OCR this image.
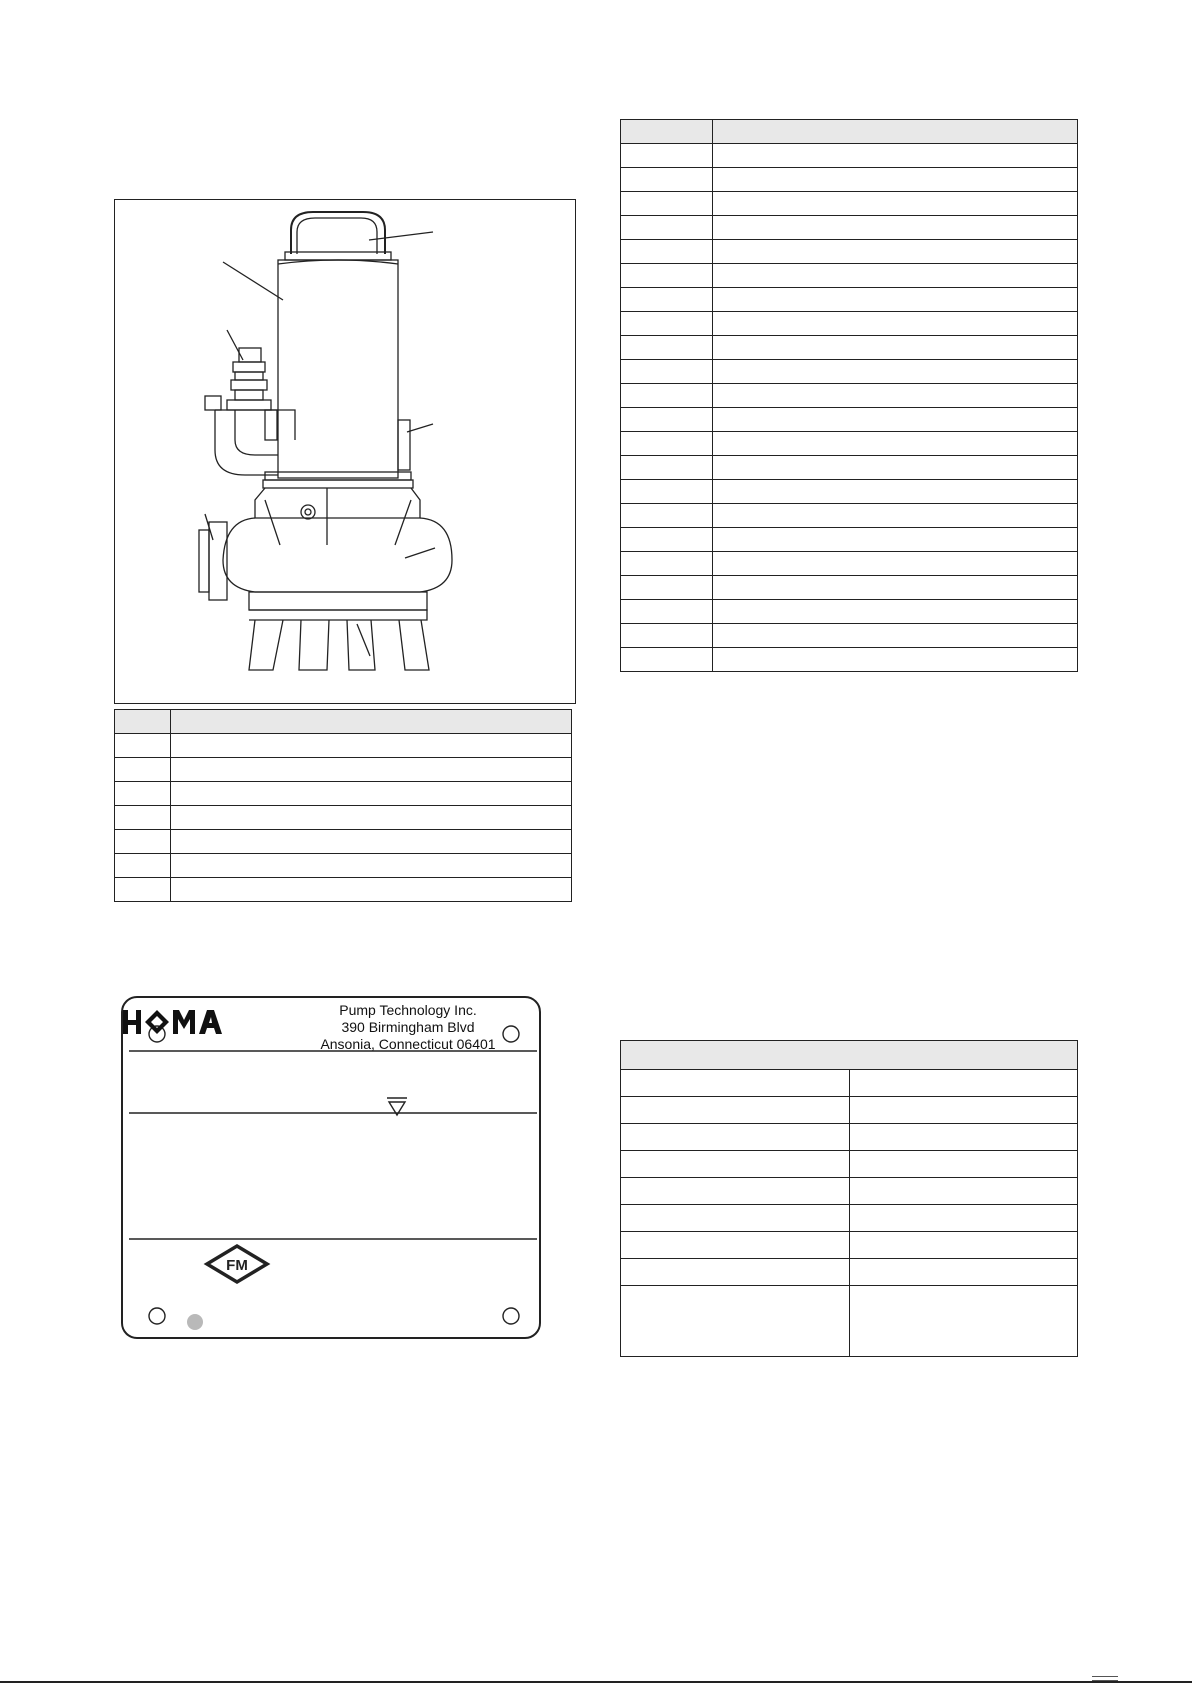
FM
Pump Technology Inc.
390 Birmingham Blvd
Ansonia, Connecticut 06401
